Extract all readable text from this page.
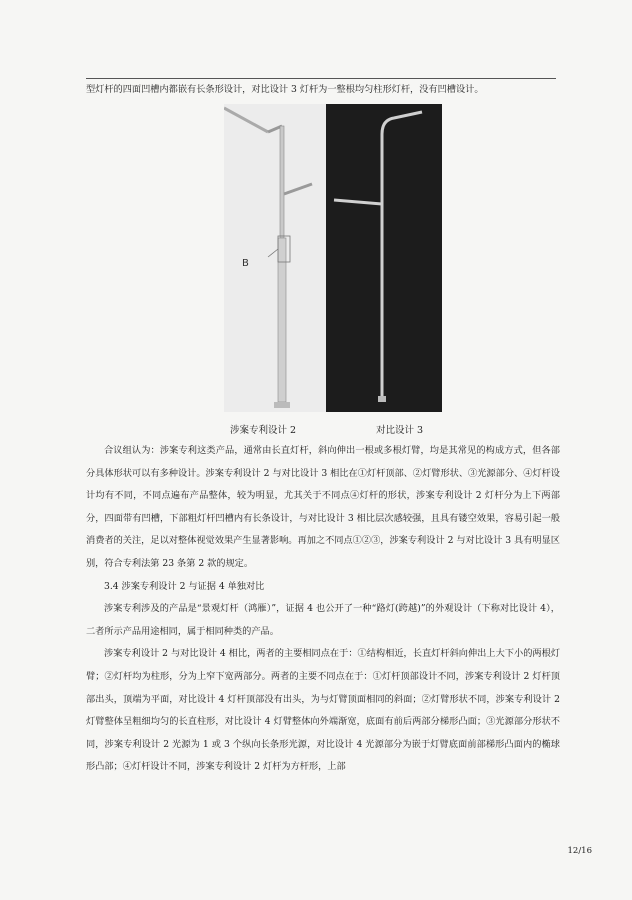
型灯杆的四面凹槽内都嵌有长条形设计，对比设计 3 灯杆为一整根均匀柱形灯杆，没有凹槽设计。
B
涉案专利设计 2	对比设计 3

合议组认为：涉案专利这类产品，通常由长直灯杆，斜向伸出一根或多根灯臂，均是其常见的构成方式，但各部分具体形状可以有多种设计。涉案专利设计 2 与对比设计 3 相比在①灯杆顶部、②灯臂形状、③光源部分、④灯杆设计均有不同，不同点遍布产品整体，较为明显，尤其关于不同点④灯杆的形状，涉案专利设计 2 灯杆分为上下两部分，四面带有凹槽，下部粗灯杆凹槽内有长条设计，与对比设计 3 相比层次感较强，且具有镂空效果，容易引起一般消费者的关注，足以对整体视觉效果产生显著影响。再加之不同点①②③，涉案专利设计 2 与对比设计 3 具有明显区别，符合专利法第 23 条第 2 款的规定。

3.4 涉案专利设计 2 与证据 4 单独对比

涉案专利涉及的产品是“景观灯杆（鸿雁）”，证据 4 也公开了一种“路灯(跨越)”的外观设计（下称对比设计 4），二者所示产品用途相同，属于相同种类的产品。

涉案专利设计 2 与对比设计 4 相比，两者的主要相同点在于：①结构相近，长直灯杆斜向伸出上大下小的两根灯臂；②灯杆均为柱形，分为上窄下宽两部分。两者的主要不同点在于：①灯杆顶部设计不同，涉案专利设计 2 灯杆顶部出头，顶端为平面，对比设计 4 灯杆顶部没有出头，为与灯臂顶面相同的斜面；②灯臂形状不同，涉案专利设计 2 灯臂整体呈粗细均匀的长直柱形，对比设计 4 灯臂整体向外端渐宽，底面有前后两部分梯形凸面；③光源部分形状不同，涉案专利设计 2 光源为 1 或 3 个纵向长条形光源，对比设计 4 光源部分为嵌于灯臂底面前部梯形凸面内的椭球形凸部；④灯杆设计不同，涉案专利设计 2 灯杆为方杆形，上部

12/16
